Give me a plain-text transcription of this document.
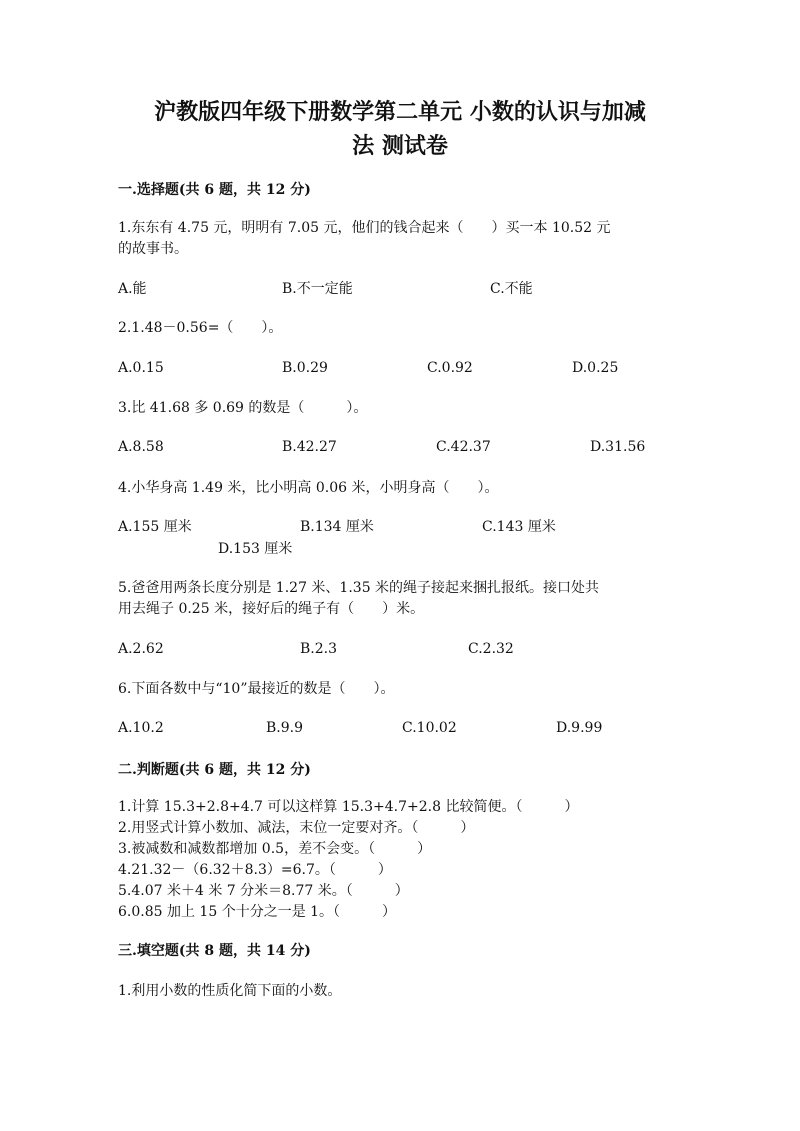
沪教版四年级下册数学第二单元 小数的认识与加减
法 测试卷
一.选择题(共 6 题，共 12 分)
1.东东有 4.75 元，明明有 7.05 元，他们的钱合起来（　　）买一本 10.52 元
的故事书。
A.能	B.不一定能	C.不能
2.1.48－0.56=（　　）。
A.0.15	B.0.29	C.0.92	D.0.25
3.比 41.68 多 0.69 的数是（　　　）。
A.8.58	B.42.27	C.42.37	D.31.56
4.小华身高 1.49 米，比小明高 0.06 米，小明身高（　　）。
A.155 厘米	B.134 厘米	C.143 厘米
D.153 厘米
5.爸爸用两条长度分别是 1.27 米、1.35 米的绳子接起来捆扎报纸。接口处共
用去绳子 0.25 米，接好后的绳子有（　　）米。
A.2.62	B.2.3	C.2.32
6.下面各数中与“10”最接近的数是（　　）。
A.10.2	B.9.9	C.10.02	D.9.99
二.判断题(共 6 题，共 12 分)
1.计算 15.3+2.8+4.7 可以这样算 15.3+4.7+2.8 比较简便。（　　　）
2.用竖式计算小数加、减法，末位一定要对齐。（　　　）
3.被减数和减数都增加 0.5，差不会变。（　　　）
4.21.32－（6.32＋8.3）=6.7。（　　　）
5.4.07 米＋4 米 7 分米＝8.77 米。（　　　）
6.0.85 加上 15 个十分之一是 1。（　　　）
三.填空题(共 8 题，共 14 分)
1.利用小数的性质化简下面的小数。
